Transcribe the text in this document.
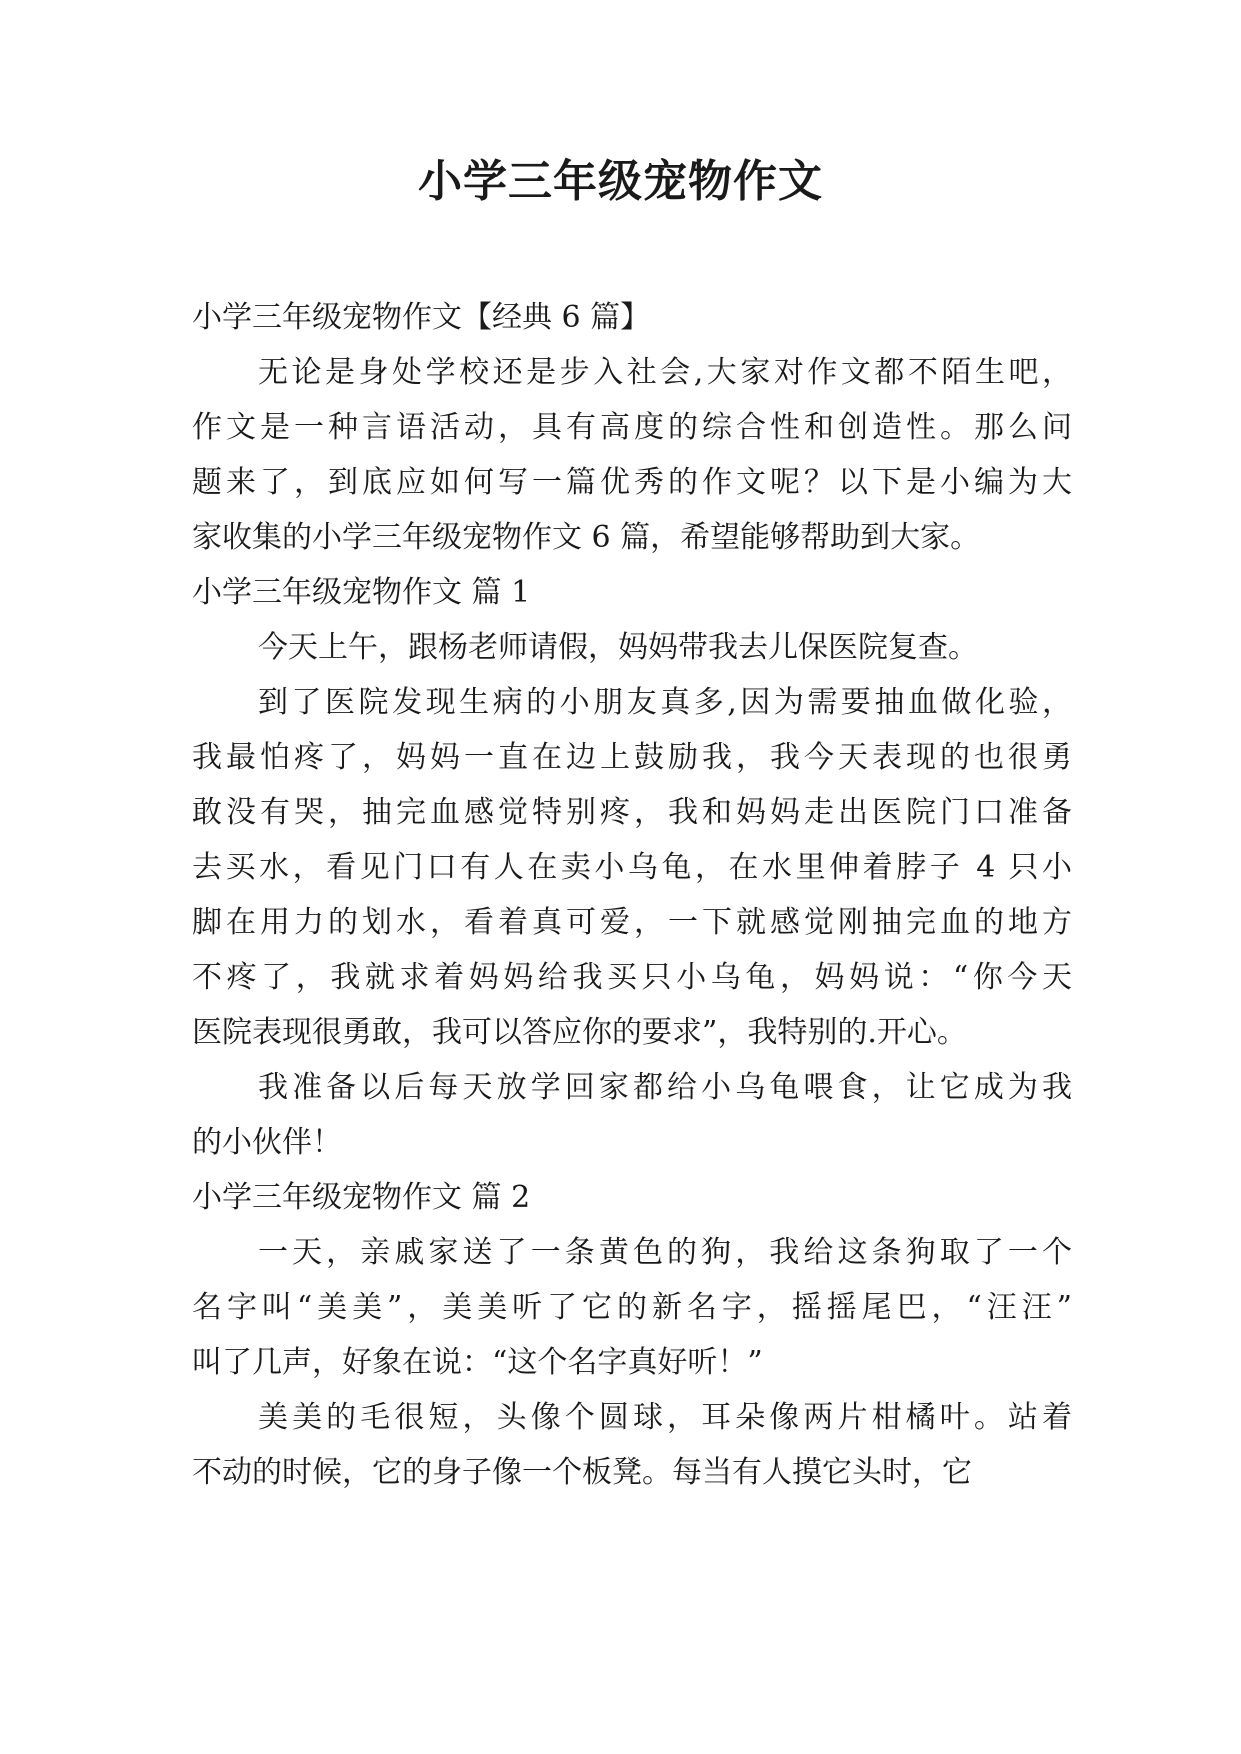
小学三年级宠物作文

小学三年级宠物作文【经典 6 篇】

无论是身处学校还是步入社会,大家对作文都不陌生吧，
作文是一种言语活动，具有高度的综合性和创造性。那么问
题来了，到底应如何写一篇优秀的作文呢？以下是小编为大
家收集的小学三年级宠物作文 6 篇，希望能够帮助到大家。

小学三年级宠物作文 篇 1

今天上午，跟杨老师请假，妈妈带我去儿保医院复查。

到了医院发现生病的小朋友真多,因为需要抽血做化验，
我最怕疼了，妈妈一直在边上鼓励我，我今天表现的也很勇
敢没有哭，抽完血感觉特别疼，我和妈妈走出医院门口准备
去买水，看见门口有人在卖小乌龟，在水里伸着脖子 4 只小
脚在用力的划水，看着真可爱，一下就感觉刚抽完血的地方
不疼了，我就求着妈妈给我买只小乌龟，妈妈说：“你今天
医院表现很勇敢，我可以答应你的要求”，我特别的.开心。

我准备以后每天放学回家都给小乌龟喂食，让它成为我
的小伙伴！

小学三年级宠物作文 篇 2

一天，亲戚家送了一条黄色的狗，我给这条狗取了一个
名字叫“美美”，美美听了它的新名字，摇摇尾巴，“汪汪”
叫了几声，好象在说：“这个名字真好听！”

美美的毛很短，头像个圆球，耳朵像两片柑橘叶。站着
不动的时候，它的身子像一个板凳。每当有人摸它头时，它
